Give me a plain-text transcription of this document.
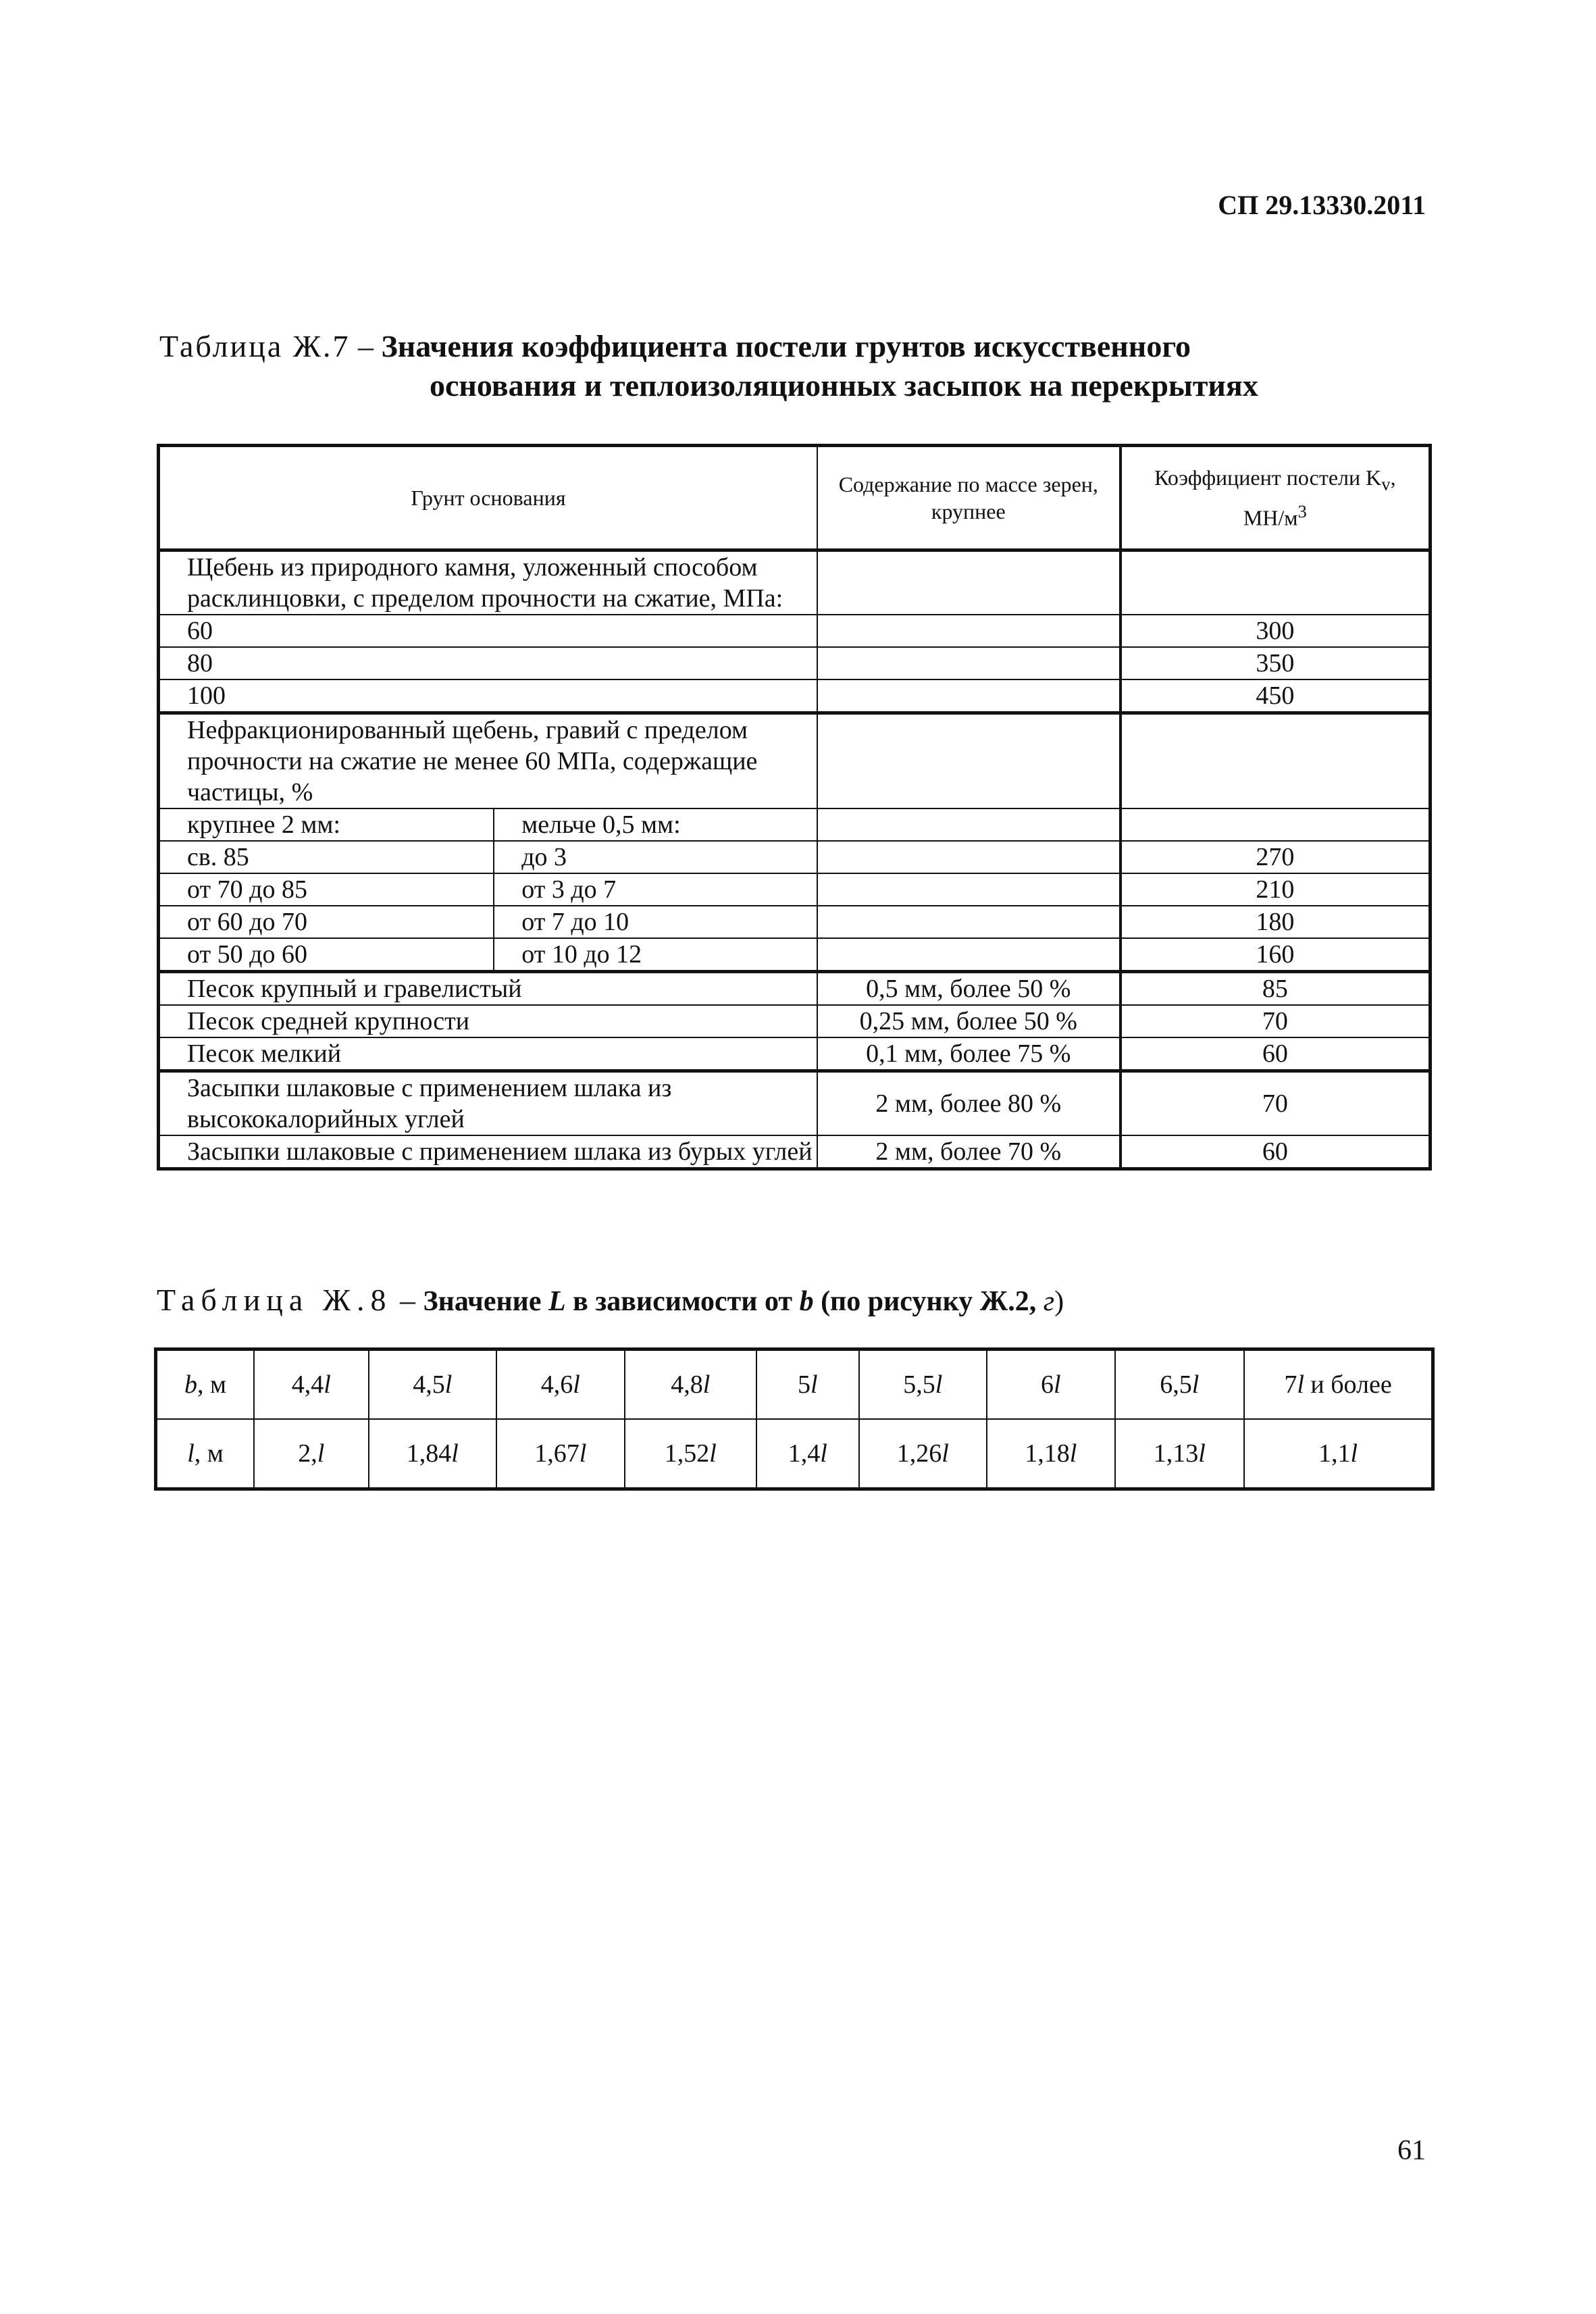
СП 29.13330.2011
Таблица Ж.7 – Значения коэффициента постели грунтов искусственного
основания и теплоизоляционных засыпок на перекрытиях
Грунт основания		Содержание по массе зерен, крупнее	Коэффициент постели $K_v$,
$МН/м^3$
Щебень из природного камня, уложенный способом расклинцовки, с пределом прочности на сжатие, МПа:			
60			300
80			350
100			450
Нефракционированный щебень, гравий с пределом прочности на сжатие не менее 60 МПа, содержащие частицы, %			
крупнее 2 мм:	мельче 0,5 мм:		
св. 85	до 3		270
от 70 до 85	от 3 до 7		210
от 60 до 70	от 7 до 10		180
от 50 до 60	от 10 до 12		160
Песок крупный и гравелистый		0,5 мм, более 50 %	85
Песок средней крупности		0,25 мм, более 50 %	70
Песок мелкий		0,1 мм, более 75 %	60
Засыпки шлаковые с применением шлака из высококалорийных углей		2 мм, более 80 %	70
Засыпки шлаковые с применением шлака из бурых углей		2 мм, более 70 %	60
Таблица Ж.8 – Значение L в зависимости от b (по рисунку Ж.2, г)
b, м	4,4l	4,5l	4,6l	4,8l	5l	5,5l	6l	6,5l	7l и более
l, м	2,l	1,84l	1,67l	1,52l	1,4l	1,26l	1,18l	1,13l	1,1l
61
